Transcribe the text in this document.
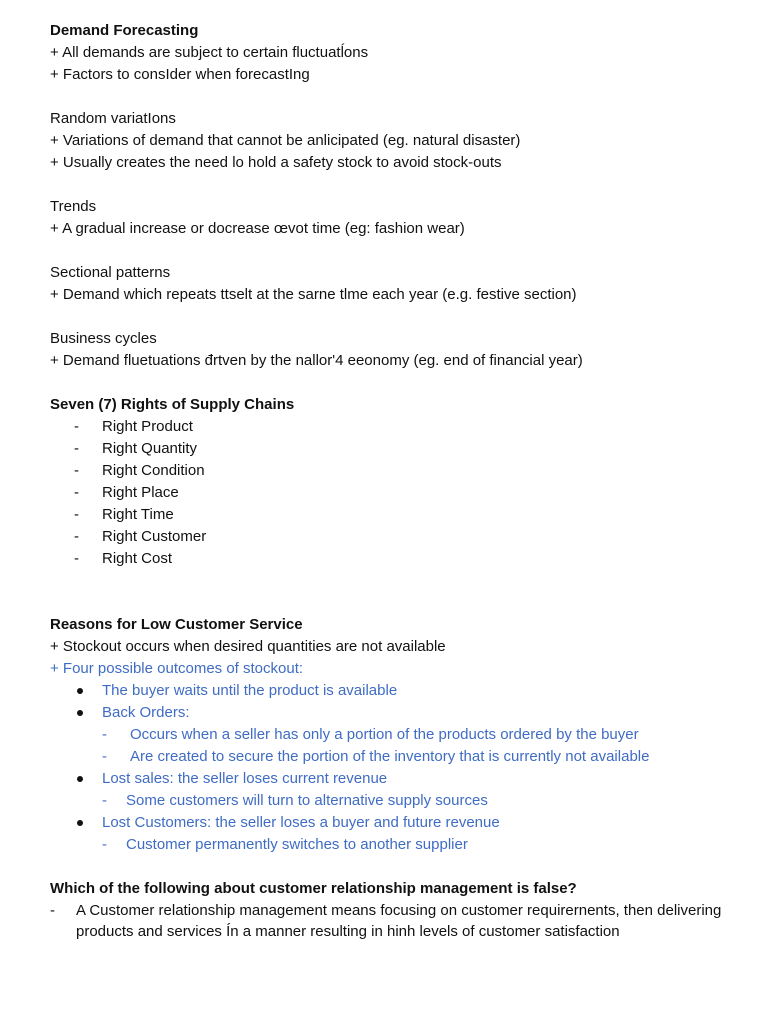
Demand Forecasting
+ All demands are subject to certain fluctuatĺons
+ Factors to consIder when forecastIng
Random variatIons
+ Variations of demand that cannot be anlicipated (eg. natural disaster)
+ Usually creates the need lo hold a safety stock to avoid stock-outs
Trends
+ A gradual increase or docrease œvot time (eg: fashion wear)
Sectional patterns
+ Demand which repeats ttselt at the sarne tlme each year (e.g. festive section)
Business cycles
+ Demand fluetuations đrtven by the nallor'4 eeonomy (eg. end of financial year)
Seven (7) Rights of Supply Chains
- Right Product
- Right Quantity
- Right Condition
- Right Place
- Right Time
- Right Customer
- Right Cost
Reasons for Low Customer Service
+ Stockout occurs when desired quantities are not available
+ Four possible outcomes of stockout:
The buyer waits until the product is available
Back Orders:
- Occurs when a seller has only a portion of the products ordered by the buyer
- Are created to secure the portion of the inventory that is currently not available
Lost sales: the seller loses current revenue
- Some customers will turn to alternative supply sources
Lost Customers: the seller loses a buyer and future revenue
- Customer permanently switches to another supplier
Which of the following about customer relationship management is false?
- A Customer relationship management means focusing on customer requirernents, then delivering products and services Ín a manner resulting in hinh levels of customer satisfaction
